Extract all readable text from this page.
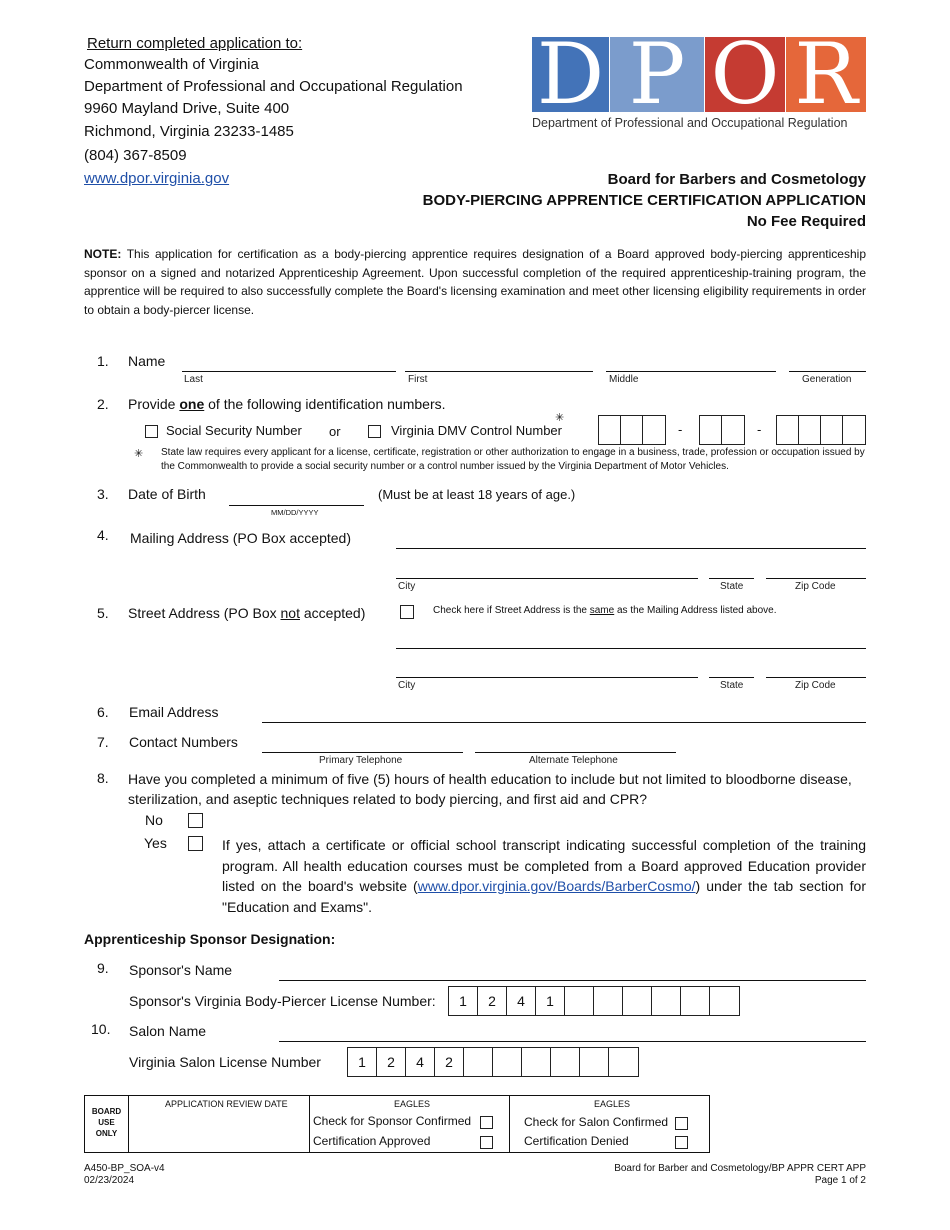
Return completed application to:
Commonwealth of Virginia
Department of Professional and Occupational Regulation
9960 Mayland Drive, Suite 400
Richmond, Virginia 23233-1485
(804) 367-8509
www.dpor.virginia.gov
D P O R
Department of Professional and Occupational Regulation
Board for Barbers and Cosmetology
BODY-PIERCING APPRENTICE CERTIFICATION APPLICATION
No Fee Required
NOTE: This application for certification as a body-piercing apprentice requires designation of a Board approved body-piercing apprenticeship sponsor on a signed and notarized Apprenticeship Agreement. Upon successful completion of the required apprenticeship-training program, the apprentice will be required to also successfully complete the Board's licensing examination and meet other licensing eligibility requirements in order to obtain a body-piercer license.
1. Name
Last	First	Middle	Generation
2. Provide one of the following identification numbers.
Social Security Number or	Virginia DMV Control Number
✳
-	-
✳ State law requires every applicant for a license, certificate, registration or other authorization to engage in a business, trade, profession or occupation issued by the Commonwealth to provide a social security number or a control number issued by the Virginia Department of Motor Vehicles.
3. Date of Birth
MM/DD/YYYY
(Must be at least 18 years of age.)
4. Mailing Address (PO Box accepted)
City	State	Zip Code
5. Street Address (PO Box not accepted)	Check here if Street Address is the same as the Mailing Address listed above.
City	State	Zip Code
6. Email Address
7. Contact Numbers
Primary Telephone	Alternate Telephone
8. Have you completed a minimum of five (5) hours of health education to include but not limited to bloodborne disease, sterilization, and aseptic techniques related to body piercing, and first aid and CPR?
No
Yes	If yes, attach a certificate or official school transcript indicating successful completion of the training program. All health education courses must be completed from a Board approved Education provider listed on the board's website (www.dpor.virginia.gov/Boards/BarberCosmo/) under the tab section for "Education and Exams".
Apprenticeship Sponsor Designation:
9. Sponsor's Name
Sponsor's Virginia Body-Piercer License Number:	1	2	4	1
10. Salon Name
Virginia Salon License Number	1	2	4	2
BOARD
USE
ONLY
APPLICATION REVIEW DATE	EAGLES
Check for Sponsor Confirmed
Certification Approved
EAGLES
Check for Salon Confirmed
Certification Denied
A450-BP_SOA-v4
02/23/2024
Board for Barber and Cosmetology/BP APPR CERT APP
Page 1 of 2
